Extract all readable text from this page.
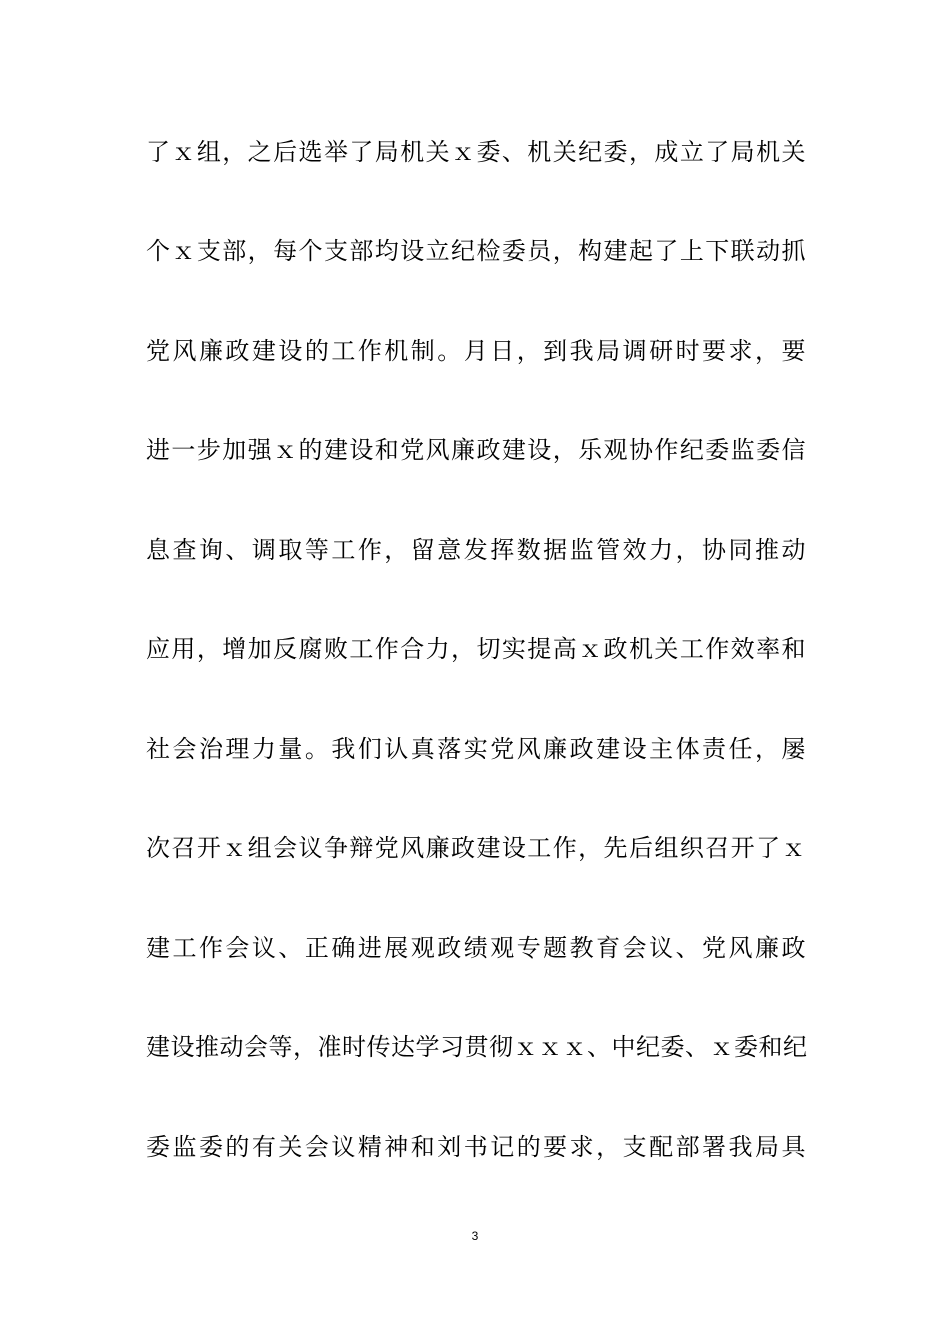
了ｘ组，之后选举了局机关ｘ委、机关纪委，成立了局机关
个ｘ支部，每个支部均设立纪检委员，构建起了上下联动抓
党风廉政建设的工作机制。月日，到我局调研时要求，要
进一步加强ｘ的建设和党风廉政建设，乐观协作纪委监委信
息查询、调取等工作，留意发挥数据监管效力，协同推动
应用，增加反腐败工作合力，切实提高ｘ政机关工作效率和
社会治理力量。我们认真落实党风廉政建设主体责任，屡
次召开ｘ组会议争辩党风廉政建设工作，先后组织召开了ｘ
建工作会议、正确进展观政绩观专题教育会议、党风廉政
建设推动会等，准时传达学习贯彻ｘｘｘ、中纪委、ｘ委和纪
委监委的有关会议精神和刘书记的要求，支配部署我局具
3
